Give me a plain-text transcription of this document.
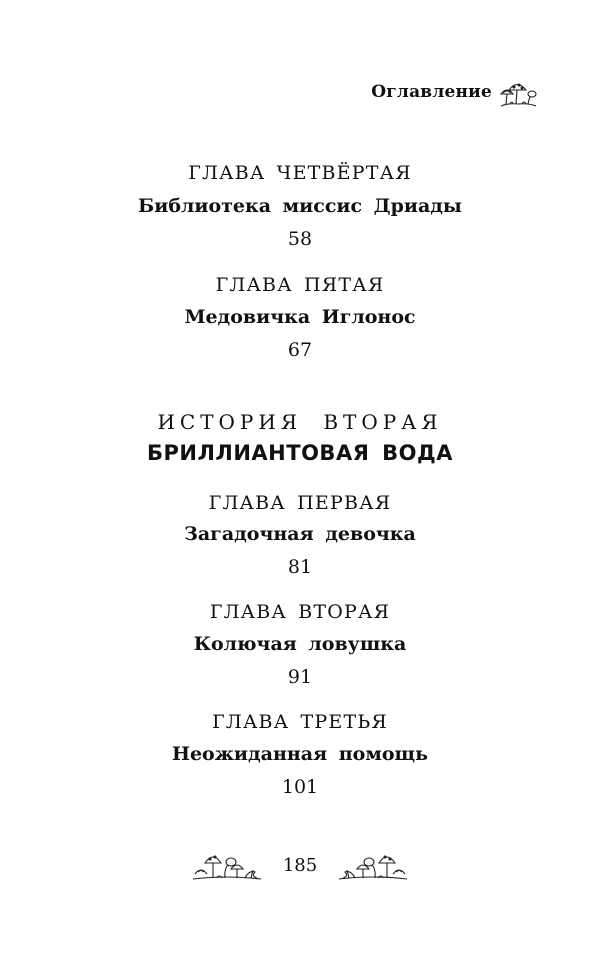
Оглавление
ГЛАВА ЧЕТВЁРТАЯ
Библиотека миссис Дриады
58
ГЛАВА ПЯТАЯ
Медовичка Иглонос
67
ИСТОРИЯ ВТОРАЯ
БРИЛЛИАНТОВАЯ ВОДА
ГЛАВА ПЕРВАЯ
Загадочная девочка
81
ГЛАВА ВТОРАЯ
Колючая ловушка
91
ГЛАВА ТРЕТЬЯ
Неожиданная помощь
101
185
